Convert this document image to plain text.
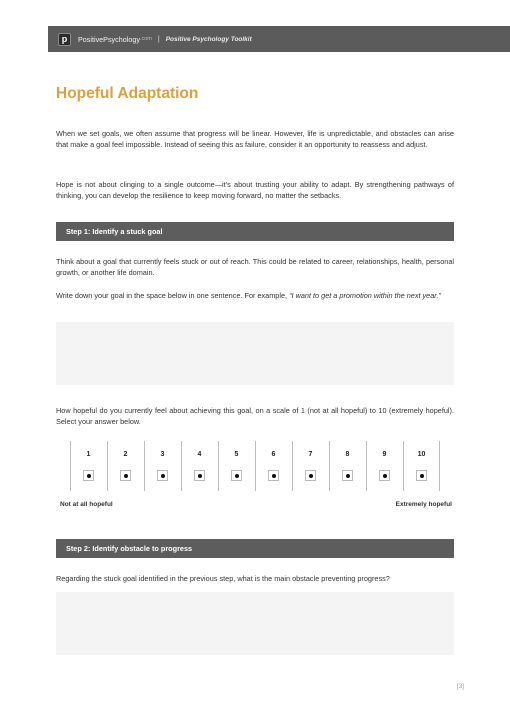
p PositivePsychology .com | Positive Psychology Toolkit
Hopeful Adaptation

When we set goals, we often assume that progress will be linear. However, life is unpredictable, and obstacles can arise that make a goal feel impossible. Instead of seeing this as failure, consider it an opportunity to reassess and adjust.

Hope is not about clinging to a single outcome—it’s about trusting your ability to adapt. By strengthening pathways of thinking, you can develop the resilience to keep moving forward, no matter the setbacks.

Step 1: Identify a stuck goal

Think about a goal that currently feels stuck or out of reach. This could be related to career, relationships, health, personal growth, or another life domain.

Write down your goal in the space below in one sentence. For example, “I want to get a promotion within the next year.”

How hopeful do you currently feel about achieving this goal, on a scale of 1 (not at all hopeful) to 10 (extremely hopeful). Select your answer below.

1	2	3	4	5	6	7	8	9	10
Not at all hopeful	Extremely hopeful
Step 2: Identify obstacle to progress

Regarding the stuck goal identified in the previous step, what is the main obstacle preventing progress?

[3]
